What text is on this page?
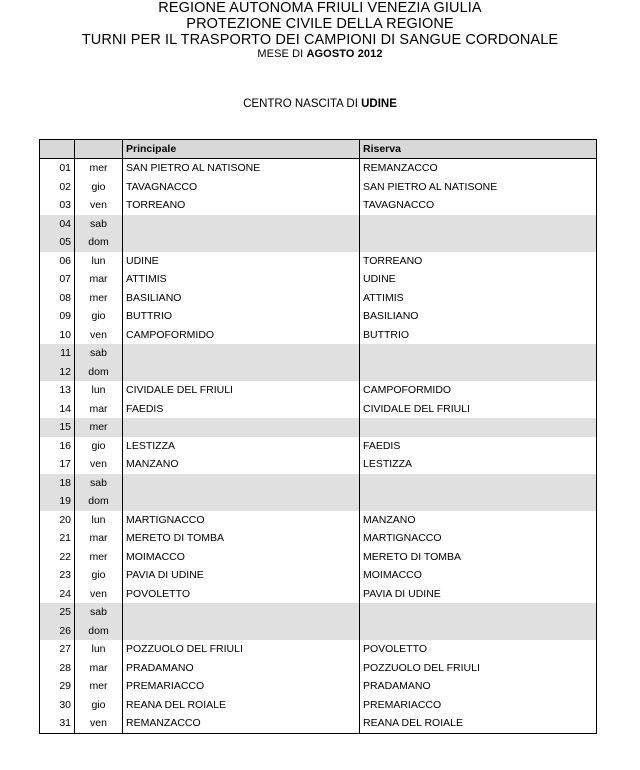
REGIONE AUTONOMA FRIULI VENEZIA GIULIA
PROTEZIONE CIVILE DELLA REGIONE
TURNI PER IL TRASPORTO DEI CAMPIONI DI SANGUE CORDONALE
MESE DI AGOSTO 2012
CENTRO NASCITA DI UDINE
		Principale	Riserva
01	mer	SAN PIETRO AL NATISONE	REMANZACCO
02	gio	TAVAGNACCO	SAN PIETRO AL NATISONE
03	ven	TORREANO	TAVAGNACCO
04	sab		
05	dom		
06	lun	UDINE	TORREANO
07	mar	ATTIMIS	UDINE
08	mer	BASILIANO	ATTIMIS
09	gio	BUTTRIO	BASILIANO
10	ven	CAMPOFORMIDO	BUTTRIO
11	sab		
12	dom		
13	lun	CIVIDALE DEL FRIULI	CAMPOFORMIDO
14	mar	FAEDIS	CIVIDALE DEL FRIULI
15	mer		
16	gio	LESTIZZA	FAEDIS
17	ven	MANZANO	LESTIZZA
18	sab		
19	dom		
20	lun	MARTIGNACCO	MANZANO
21	mar	MERETO DI TOMBA	MARTIGNACCO
22	mer	MOIMACCO	MERETO DI TOMBA
23	gio	PAVIA DI UDINE	MOIMACCO
24	ven	POVOLETTO	PAVIA DI UDINE
25	sab		
26	dom		
27	lun	POZZUOLO DEL FRIULI	POVOLETTO
28	mar	PRADAMANO	POZZUOLO DEL FRIULI
29	mer	PREMARIACCO	PRADAMANO
30	gio	REANA DEL ROIALE	PREMARIACCO
31	ven	REMANZACCO	REANA DEL ROIALE
